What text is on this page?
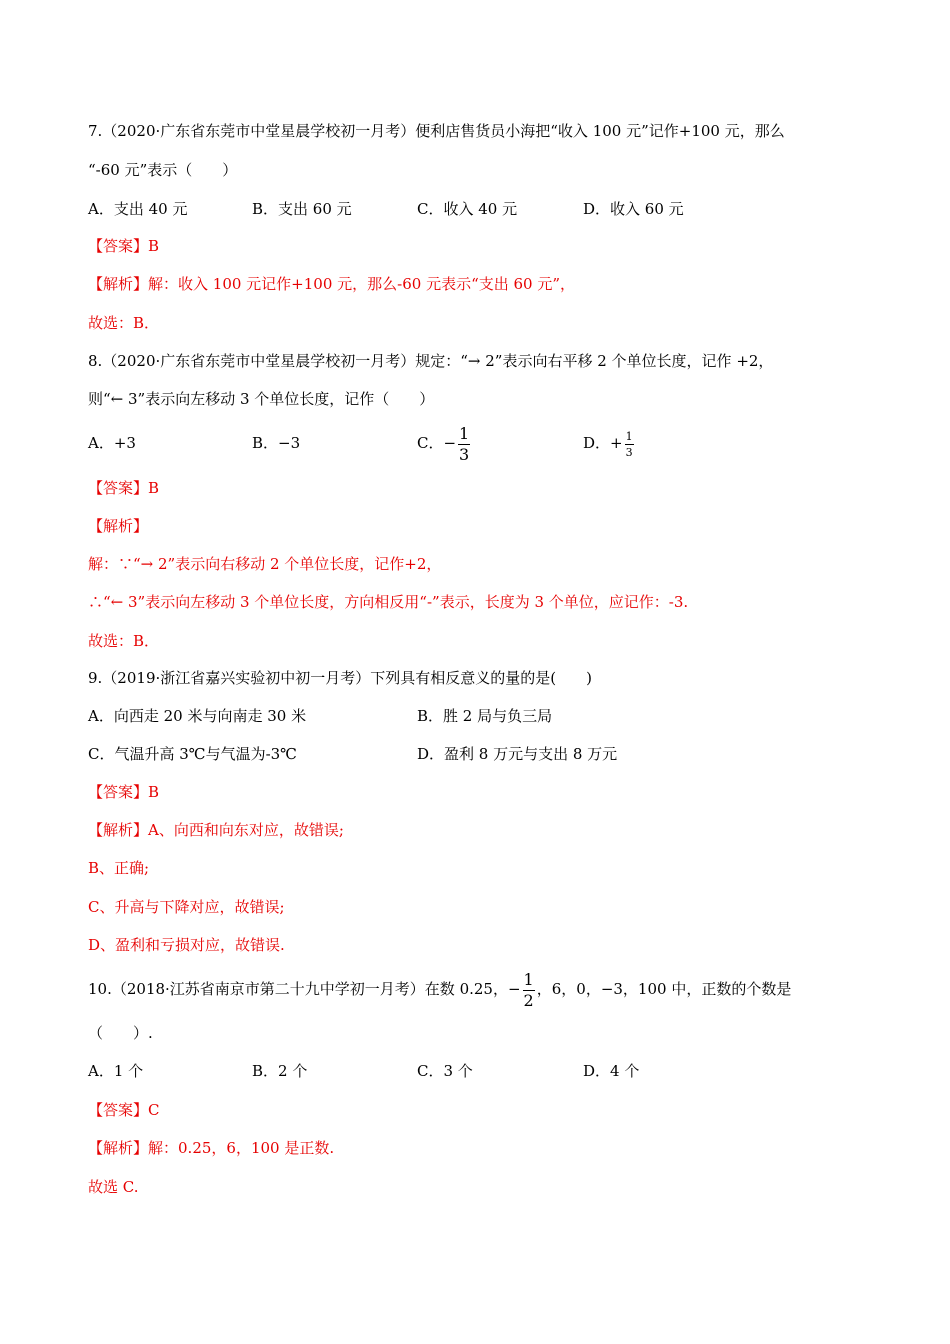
7.（2020·广东省东莞市中堂星晨学校初一月考）便利店售货员小海把“收入 100 元”记作+100 元，那么
“-60 元”表示（　　）
A．支出 40 元	B．支出 60 元	C．收入 40 元	D．收入 60 元
【答案】B
【解析】解：收入 100 元记作+100 元，那么-60 元表示“支出 60 元”，
故选：B．
8.（2020·广东省东莞市中堂星晨学校初一月考）规定：“→ 2”表示向右平移 2 个单位长度，记作 +2，
则“← 3”表示向左移动 3 个单位长度，记作（　　）
A．+3	B．−3	C．− $\frac{1}{3}$	D．+ $\frac{1}{3}$
【答案】B
【解析】
解：∵“→ 2”表示向右移动 2 个单位长度，记作+2，
∴“← 3”表示向左移动 3 个单位长度，方向相反用“-”表示，长度为 3 个单位，应记作：-3.
故选：B．
9.（2019·浙江省嘉兴实验初中初一月考）下列具有相反意义的量的是(　　)
A．向西走 20 米与向南走 30 米	B．胜 2 局与负三局
C．气温升高 3℃与气温为-3℃	D．盈利 8 万元与支出 8 万元
【答案】B
【解析】A、向西和向东对应，故错误;
B、正确;
C、升高与下降对应，故错误;
D、盈利和亏损对应，故错误.
10.（2018·江苏省南京市第二十九中学初一月考）在数 0.25，− $\frac{1}{2}$ ，6，0，−3，100 中，正数的个数是
（　　）.
A．1 个	B．2 个	C．3 个	D．4 个
【答案】C
【解析】解：0.25，6，100 是正数.
故选 C.
